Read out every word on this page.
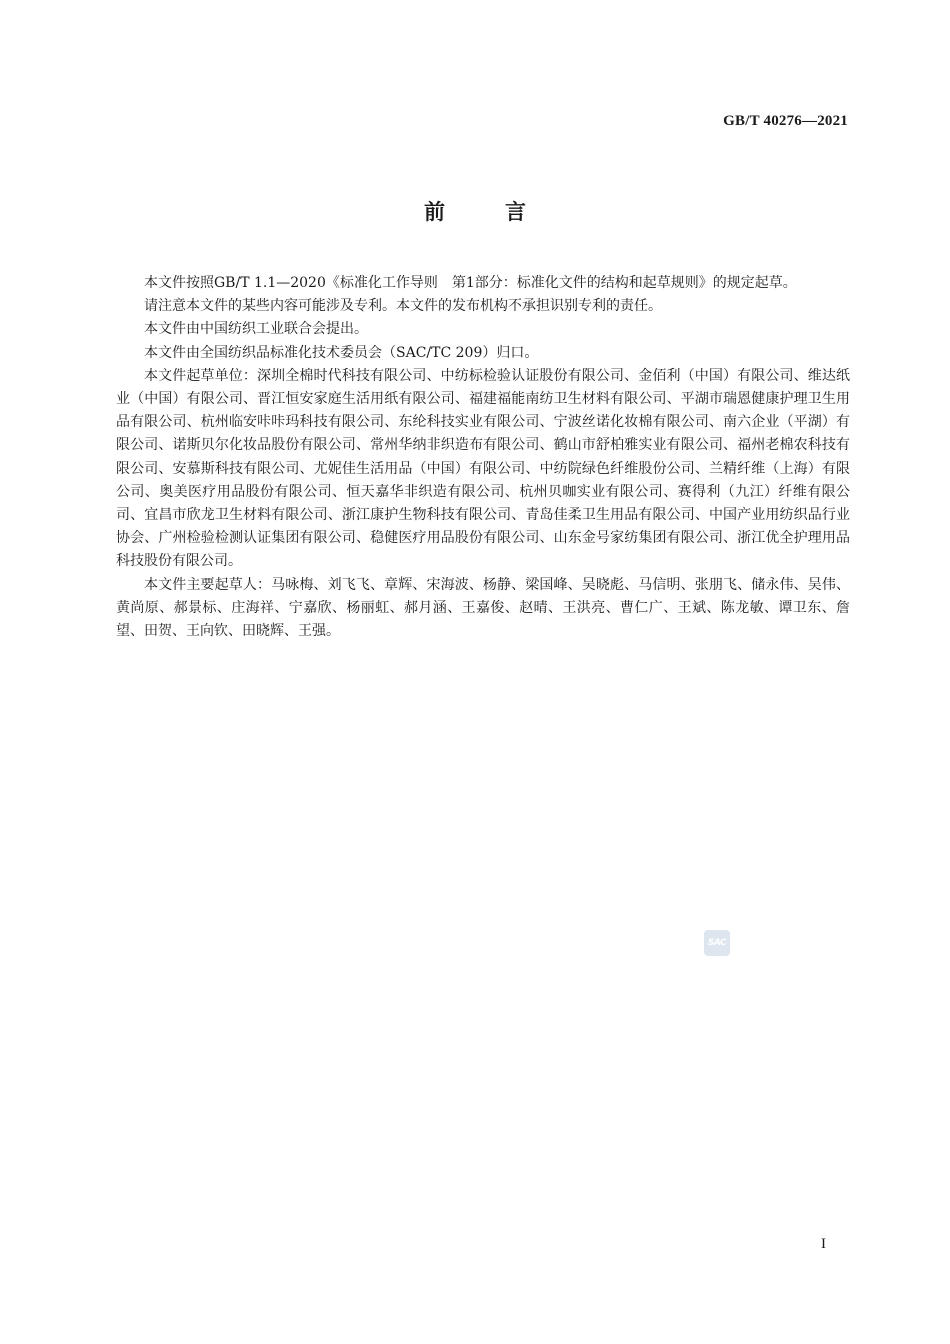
GB/T 40276—2021
前言

本文件按照GB/T 1.1—2020《标准化工作导则　第1部分：标准化文件的结构和起草规则》的规定起草。

请注意本文件的某些内容可能涉及专利。本文件的发布机构不承担识别专利的责任。

本文件由中国纺织工业联合会提出。

本文件由全国纺织品标准化技术委员会（SAC/TC 209）归口。

本文件起草单位：深圳全棉时代科技有限公司、中纺标检验认证股份有限公司、金佰利（中国）有限公司、维达纸业（中国）有限公司、晋江恒安家庭生活用纸有限公司、福建福能南纺卫生材料有限公司、平湖市瑞恩健康护理卫生用品有限公司、杭州临安咔咔玛科技有限公司、东纶科技实业有限公司、宁波丝诺化妆棉有限公司、南六企业（平湖）有限公司、诺斯贝尔化妆品股份有限公司、常州华纳非织造布有限公司、鹤山市舒柏雅实业有限公司、福州老棉农科技有限公司、安慕斯科技有限公司、尤妮佳生活用品（中国）有限公司、中纺院绿色纤维股份公司、兰精纤维（上海）有限公司、奥美医疗用品股份有限公司、恒天嘉华非织造有限公司、杭州贝咖实业有限公司、赛得利（九江）纤维有限公司、宜昌市欣龙卫生材料有限公司、浙江康护生物科技有限公司、青岛佳柔卫生用品有限公司、中国产业用纺织品行业协会、广州检验检测认证集团有限公司、稳健医疗用品股份有限公司、山东金号家纺集团有限公司、浙江优全护理用品科技股份有限公司。

本文件主要起草人：马咏梅、刘飞飞、章辉、宋海波、杨静、梁国峰、吴晓彪、马信明、张朋飞、储永伟、吴伟、黄尚原、郝景标、庄海祥、宁嘉欣、杨丽虹、郝月涵、王嘉俊、赵晴、王洪亮、曹仁广、王斌、陈龙敏、谭卫东、詹望、田贺、王向钦、田晓辉、王强。

SAC
I
